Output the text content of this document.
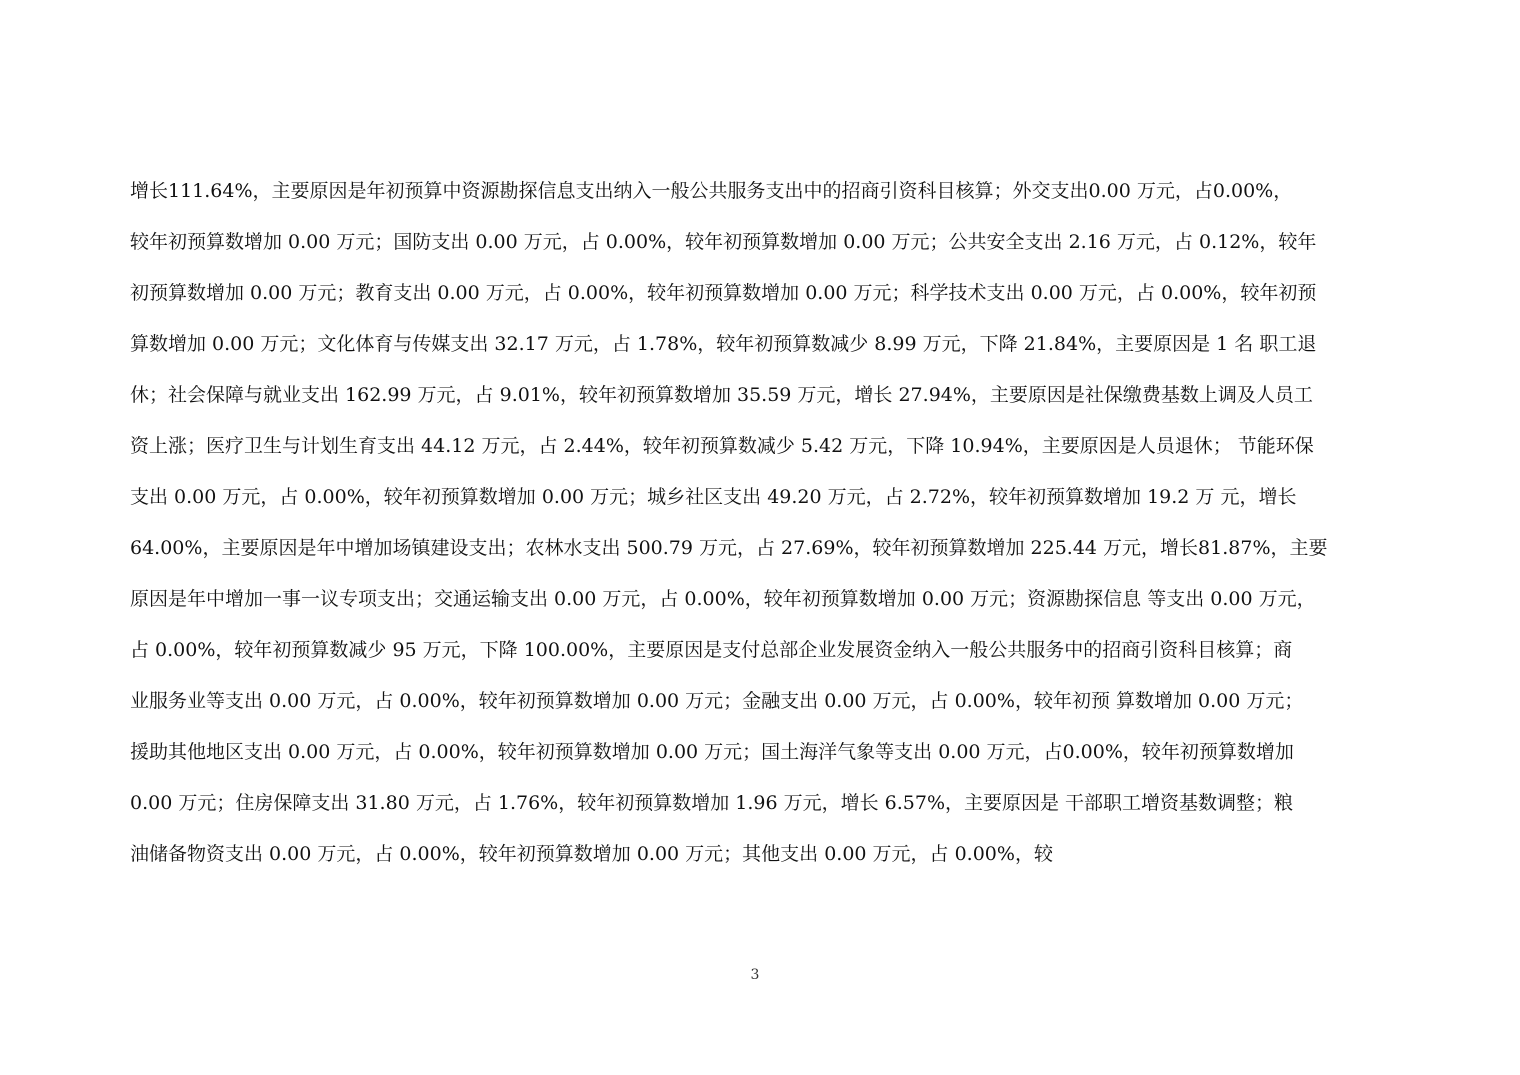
增长111.64%，主要原因是年初预算中资源勘探信息支出纳入一般公共服务支出中的招商引资科目核算；外交支出0.00 万元，占0.00%，
较年初预算数增加 0.00 万元；国防支出 0.00 万元，占 0.00%，较年初预算数增加 0.00 万元；公共安全支出 2.16 万元，占 0.12%，较年
初预算数增加 0.00 万元；教育支出 0.00 万元，占 0.00%，较年初预算数增加 0.00 万元；科学技术支出 0.00 万元，占 0.00%，较年初预
算数增加 0.00 万元；文化体育与传媒支出 32.17 万元，占 1.78%，较年初预算数减少 8.99 万元，下降 21.84%，主要原因是 1 名 职工退
休；社会保障与就业支出 162.99 万元，占 9.01%，较年初预算数增加 35.59 万元，增长 27.94%，主要原因是社保缴费基数上调及人员工
资上涨；医疗卫生与计划生育支出 44.12 万元，占 2.44%，较年初预算数减少 5.42 万元，下降 10.94%，主要原因是人员退休； 节能环保
支出 0.00 万元，占 0.00%，较年初预算数增加 0.00 万元；城乡社区支出 49.20 万元，占 2.72%，较年初预算数增加 19.2 万 元，增长
64.00%，主要原因是年中增加场镇建设支出；农林水支出 500.79 万元，占 27.69%，较年初预算数增加 225.44 万元，增长81.87%，主要
原因是年中增加一事一议专项支出；交通运输支出 0.00 万元，占 0.00%，较年初预算数增加 0.00 万元；资源勘探信息 等支出 0.00 万元，
占 0.00%，较年初预算数减少 95 万元，下降 100.00%，主要原因是支付总部企业发展资金纳入一般公共服务中的招商引资科目核算；商
业服务业等支出 0.00 万元，占 0.00%，较年初预算数增加 0.00 万元；金融支出 0.00 万元，占 0.00%，较年初预 算数增加 0.00 万元；
援助其他地区支出 0.00 万元，占 0.00%，较年初预算数增加 0.00 万元；国土海洋气象等支出 0.00 万元，占0.00%，较年初预算数增加
0.00 万元；住房保障支出 31.80 万元，占 1.76%，较年初预算数增加 1.96 万元，增长 6.57%，主要原因是 干部职工增资基数调整；粮
油储备物资支出 0.00 万元，占 0.00%，较年初预算数增加 0.00 万元；其他支出 0.00 万元，占 0.00%，较
3
